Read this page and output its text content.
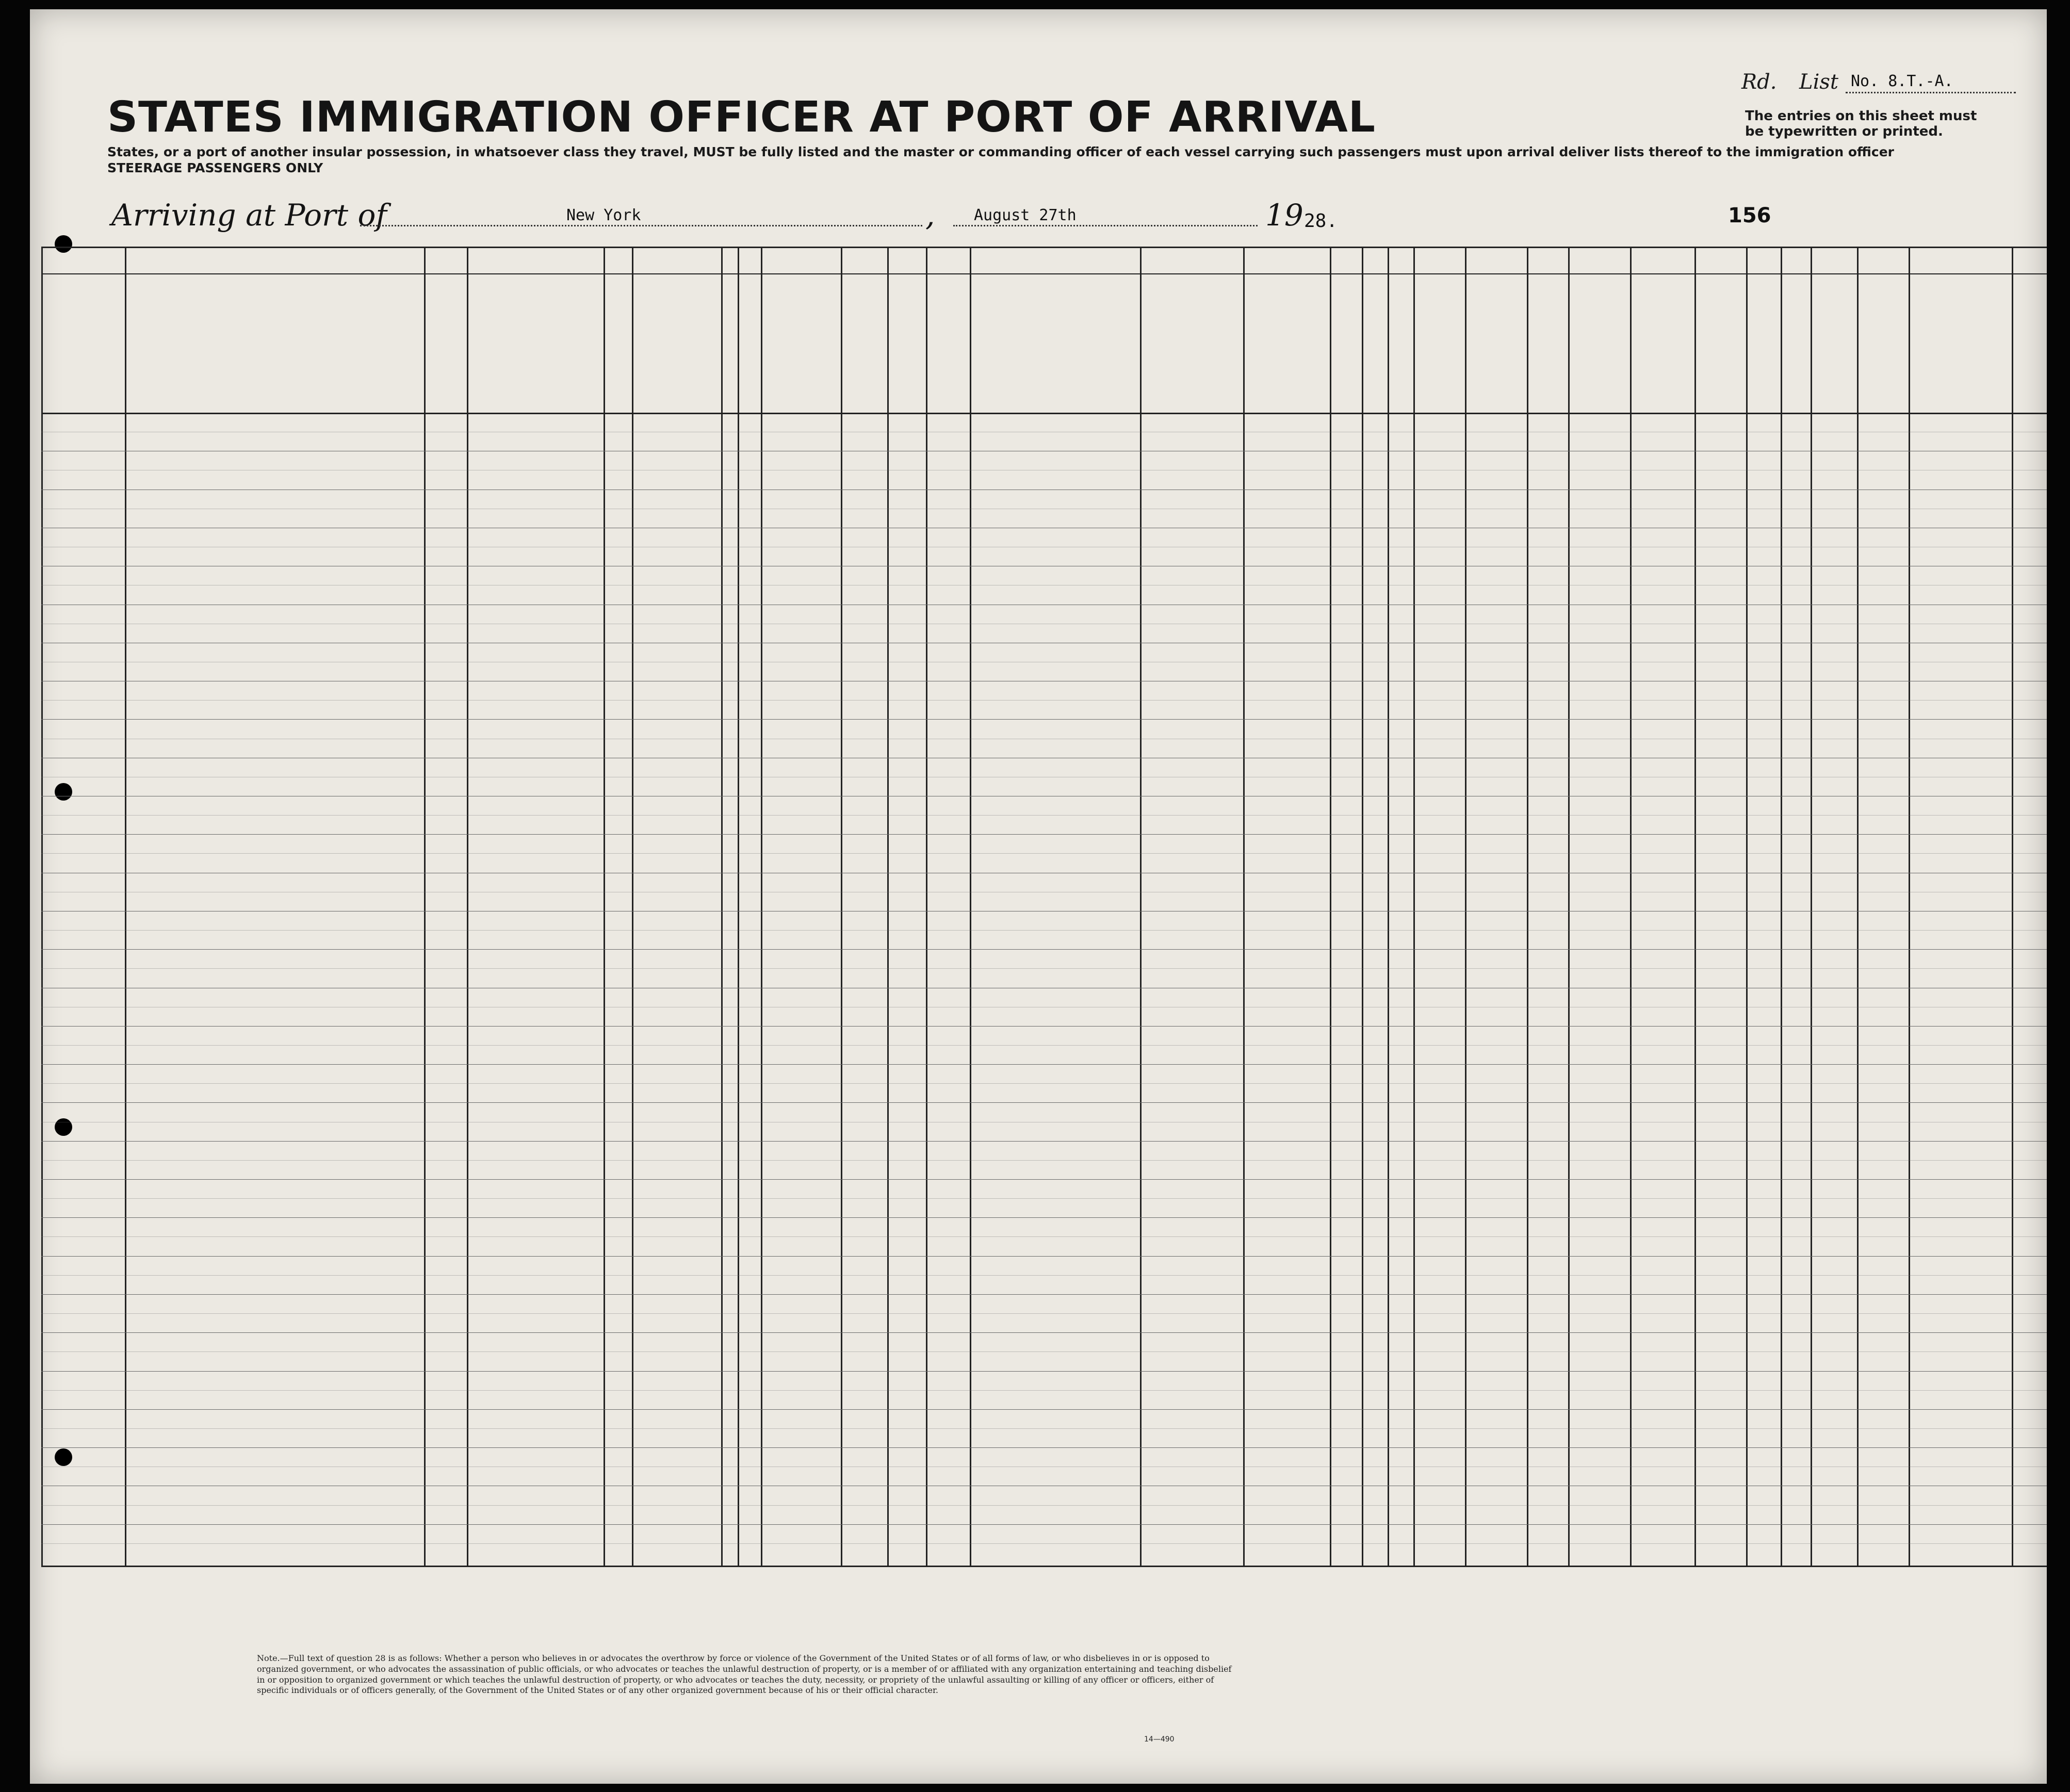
STATES IMMIGRATION OFFICER AT PORT OF ARRIVAL
States, or a port of another insular possession, in whatsoever class they travel, MUST be fully listed and the master or commanding officer of each vessel carrying such passengers must upon arrival deliver lists thereof to the immigration officer
STEERAGE PASSENGERS ONLY
Rd. List No. 8.T.-A.
The entries on this sheet must
be typewritten or printed.
Arriving at Port of	New York	,	August 27th	19 28.	156
Note.—Full text of question 28 is as follows: Whether a person who believes in or advocates the overthrow by force or violence of the Government of the United States or of all forms of law, or who disbelieves in or is opposed to organized government, or who advocates the assassination of public officials, or who advocates or teaches the unlawful destruction of property, or is a member of or affiliated with any organization entertaining and teaching disbelief in or opposition to organized government or which teaches the unlawful destruction of property, or who advocates or teaches the duty, necessity, or propriety of the unlawful assaulting or killing of any officer or officers, either of specific individuals or of officers generally, of the Government of the United States or of any other organized government because of his or their official character.
14—490
